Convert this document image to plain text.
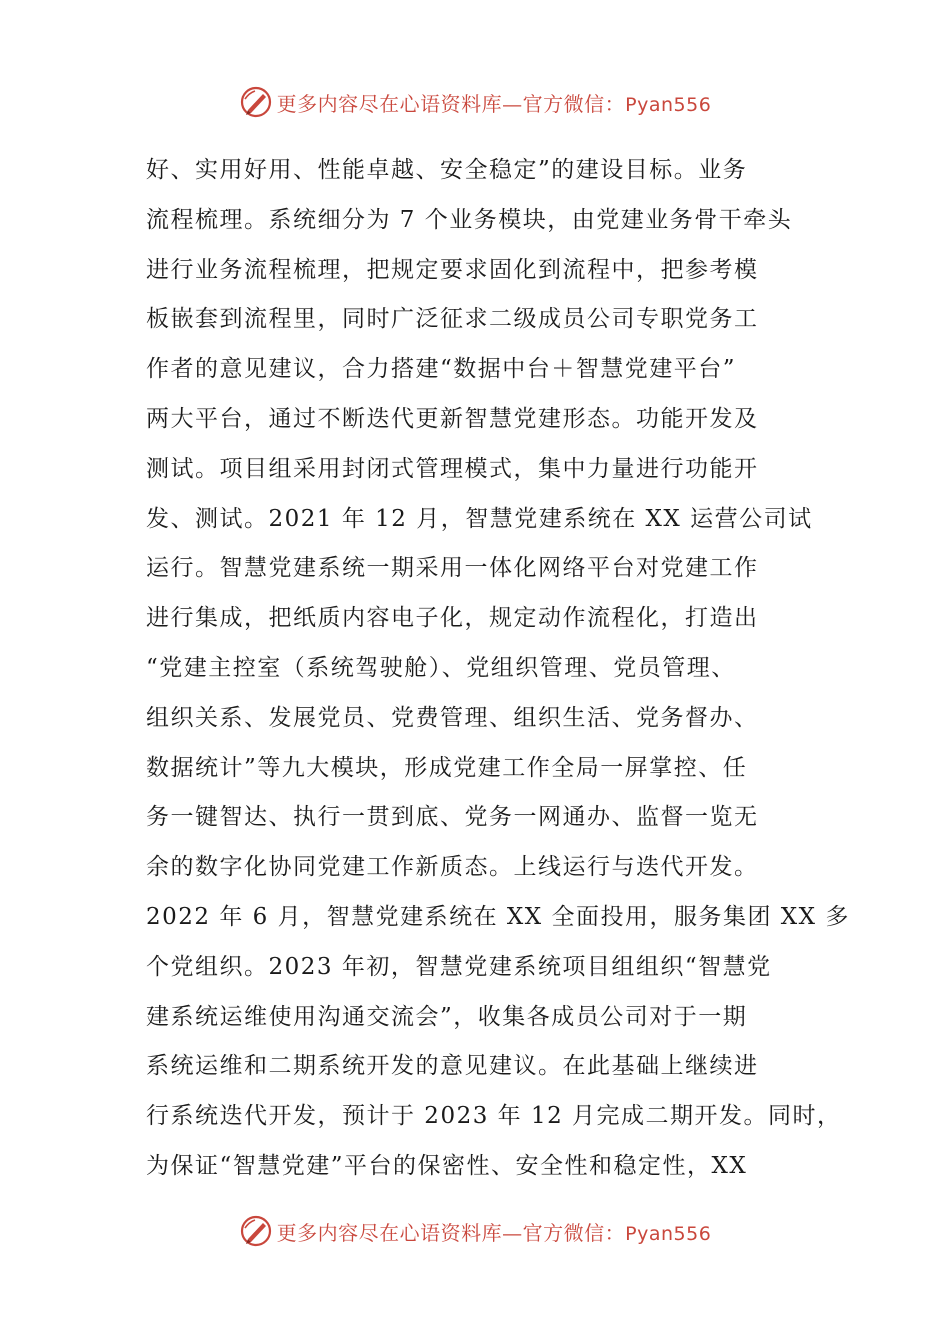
更多内容尽在心语资料库—官方微信：Pyan556
好、实用好用、性能卓越、安全稳定”的建设目标。业务
流程梳理。系统细分为 7 个业务模块，由党建业务骨干牵头
进行业务流程梳理，把规定要求固化到流程中，把参考模
板嵌套到流程里，同时广泛征求二级成员公司专职党务工
作者的意见建议，合力搭建“数据中台＋智慧党建平台”
两大平台，通过不断迭代更新智慧党建形态。功能开发及
测试。项目组采用封闭式管理模式，集中力量进行功能开
发、测试。2021 年 12 月，智慧党建系统在 XX 运营公司试
运行。智慧党建系统一期采用一体化网络平台对党建工作
进行集成，把纸质内容电子化，规定动作流程化，打造出
“党建主控室（系统驾驶舱）、党组织管理、党员管理、
组织关系、发展党员、党费管理、组织生活、党务督办、
数据统计”等九大模块，形成党建工作全局一屏掌控、任
务一键智达、执行一贯到底、党务一网通办、监督一览无
余的数字化协同党建工作新质态。上线运行与迭代开发。
2022 年 6 月，智慧党建系统在 XX 全面投用，服务集团 XX 多
个党组织。2023 年初，智慧党建系统项目组组织“智慧党
建系统运维使用沟通交流会”，收集各成员公司对于一期
系统运维和二期系统开发的意见建议。在此基础上继续进
行系统迭代开发，预计于 2023 年 12 月完成二期开发。同时，
为保证“智慧党建”平台的保密性、安全性和稳定性，XX
更多内容尽在心语资料库—官方微信：Pyan556
